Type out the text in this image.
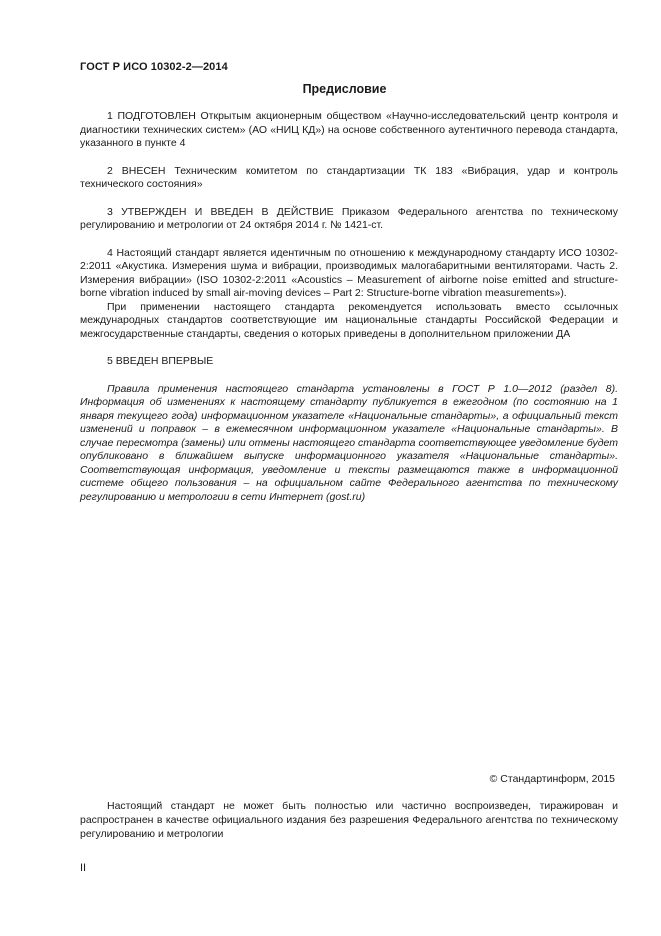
ГОСТ Р ИСО 10302-2—2014
Предисловие

1 ПОДГОТОВЛЕН Открытым акционерным обществом «Научно-исследовательский центр контроля и диагностики технических систем» (АО «НИЦ КД») на основе собственного аутентичного перевода стандарта, указанного в пункте 4

2 ВНЕСЕН Техническим комитетом по стандартизации ТК 183 «Вибрация, удар и контроль технического состояния»

3 УТВЕРЖДЕН И ВВЕДЕН В ДЕЙСТВИЕ Приказом Федерального агентства по техническому регулированию и метрологии от 24 октября 2014 г. № 1421-ст.

4 Настоящий стандарт является идентичным по отношению к международному стандарту ИСО 10302-2:2011 «Акустика. Измерения шума и вибрации, производимых малогабаритными вентиляторами. Часть 2. Измерения вибрации» (ISO 10302-2:2011 «Acoustics – Measurement of airborne noise emitted and structure-borne vibration induced by small air-moving devices – Part 2: Structure-borne vibration measurements»).

При применении настоящего стандарта рекомендуется использовать вместо ссылочных международных стандартов соответствующие им национальные стандарты Российской Федерации и межгосударственные стандарты, сведения о которых приведены в дополнительном приложении ДА

5 ВВЕДЕН ВПЕРВЫЕ

Правила применения настоящего стандарта установлены в ГОСТ Р 1.0—2012 (раздел 8). Информация об изменениях к настоящему стандарту публикуется в ежегодном (по состоянию на 1 января текущего года) информационном указателе «Национальные стандарты», а официальный текст изменений и поправок – в ежемесячном информационном указателе «Национальные стандарты». В случае пересмотра (замены) или отмены настоящего стандарта соответствующее уведомление будет опубликовано в ближайшем выпуске информационного указателя «Национальные стандарты». Соответствующая информация, уведомление и тексты размещаются также в информационной системе общего пользования – на официальном сайте Федерального агентства по техническому регулированию и метрологии в сети Интернет (gost.ru)

© Стандартинформ, 2015

Настоящий стандарт не может быть полностью или частично воспроизведен, тиражирован и распространен в качестве официального издания без разрешения Федерального агентства по техническому регулированию и метрологии

II
